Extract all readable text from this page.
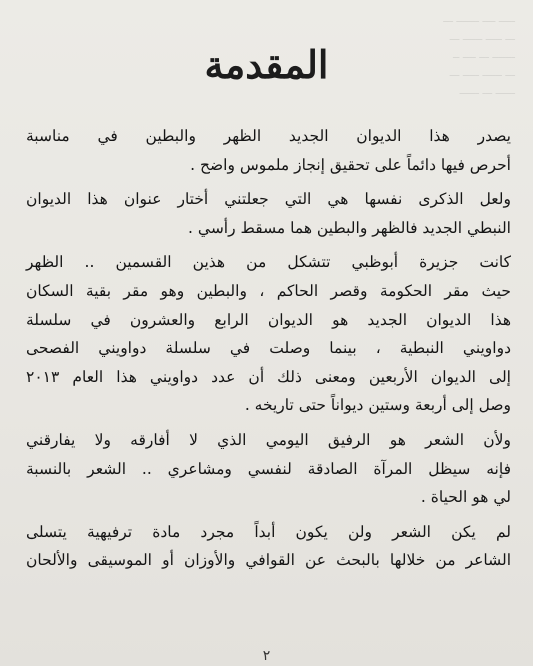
ـــــ ــــ ـــــــ ـــ
ـــ ـــــ ــــــ ـــ
ـــــــ ـــ ــــ ــ
ـــ ــــــ ـــــ ـــ
ــــــ ـــ ــــــ
المقدمة
يصدر هذا الديوان الجديد الظهر والبطين في مناسبة
أحرص فيها دائماً على تحقيق إنجاز ملموس واضح .
ولعل الذكرى نفسها هي التي جعلتني أختار عنوان هذا الديوان
النبطي الجديد فالظهر والبطين هما مسقط رأسي .
كانت جزيرة أبوظبي تتشكل من هذين القسمين .. الظهر
حيث مقر الحكومة وقصر الحاكم ، والبطين وهو مقر بقية السكان
هذا الديوان الجديد هو الديوان الرابع والعشرون في سلسلة
دواويني النبطية ، بينما وصلت في سلسلة دواويني الفصحى
إلى الديوان الأربعين ومعنى ذلك أن عدد دواويني هذا العام ٢٠١٣
وصل إلى أربعة وستين ديواناً حتى تاريخه .
ولأن الشعر هو الرفيق اليومي الذي لا أفارقه ولا يفارقني
فإنه سيظل المرآة الصادقة لنفسي ومشاعري .. الشعر بالنسبة
لي هو الحياة .
لم يكن الشعر ولن يكون أبداً مجرد مادة ترفيهية يتسلى
الشاعر من خلالها بالبحث عن القوافي والأوزان أو الموسيقى والألحان
٢
